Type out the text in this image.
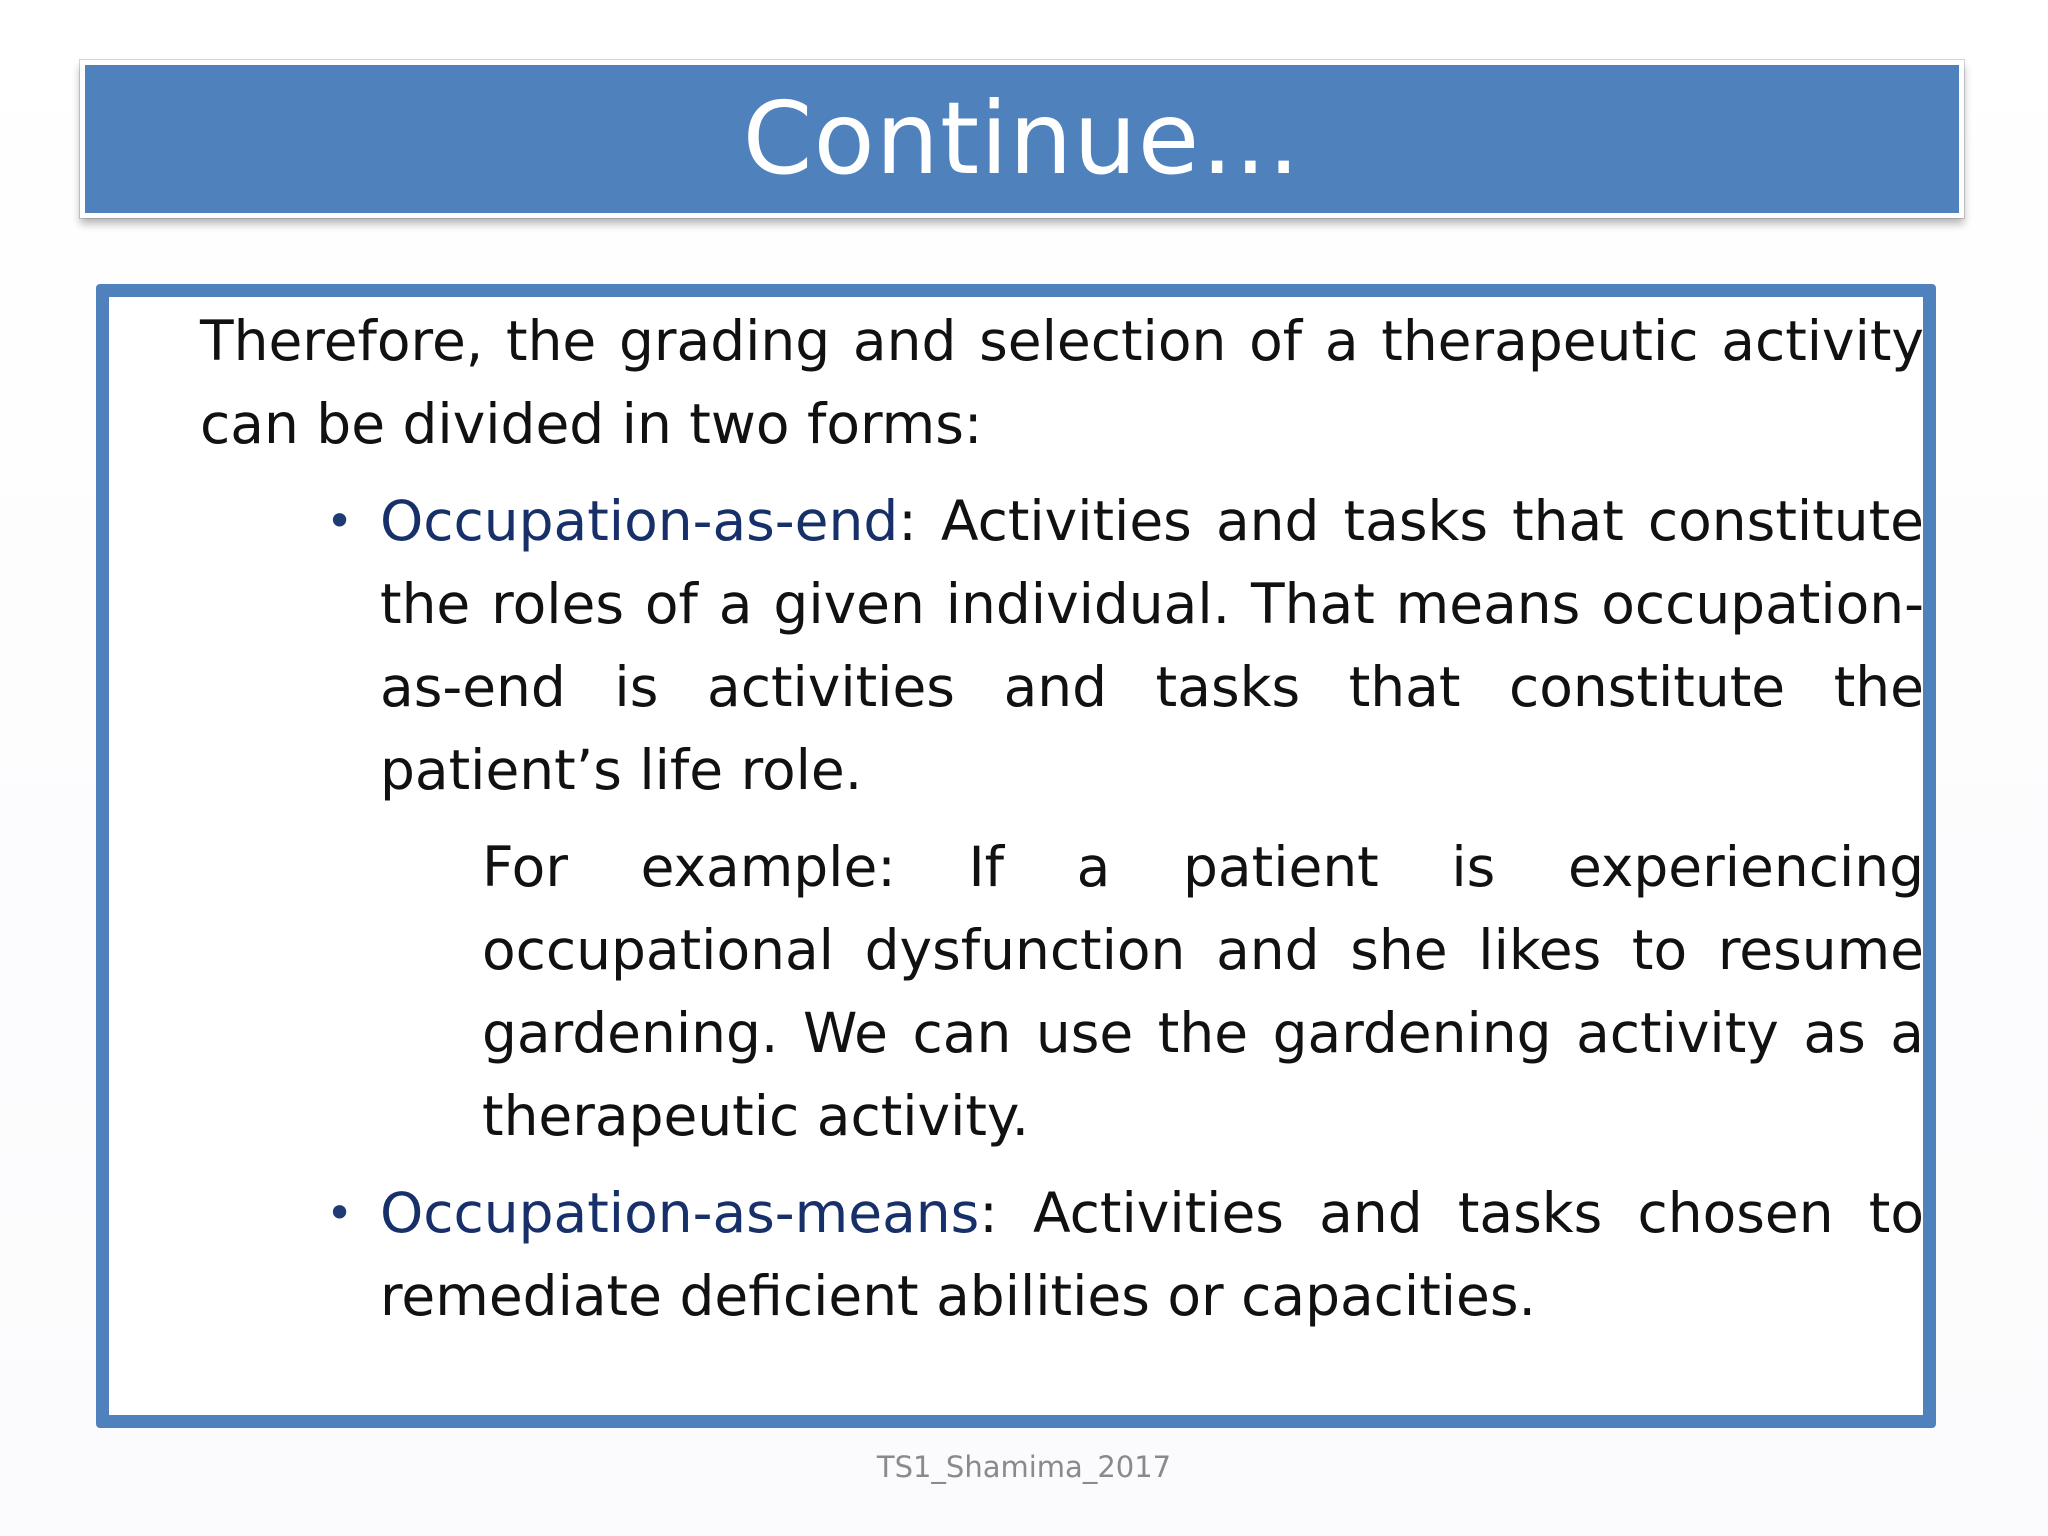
Continue…

Therefore, the grading and selection of a therapeutic activity can be divided in two forms:

• Occupation-as-end: Activities and tasks that constitute the roles of a given individual. That means occupation-as-end is activities and tasks that constitute the patient’s life role.

For example: If a patient is experiencing occupational dysfunction and she likes to resume gardening. We can use the gardening activity as a therapeutic activity.

• Occupation-as-means: Activities and tasks chosen to remediate deficient abilities or capacities.

TS1_Shamima_2017
